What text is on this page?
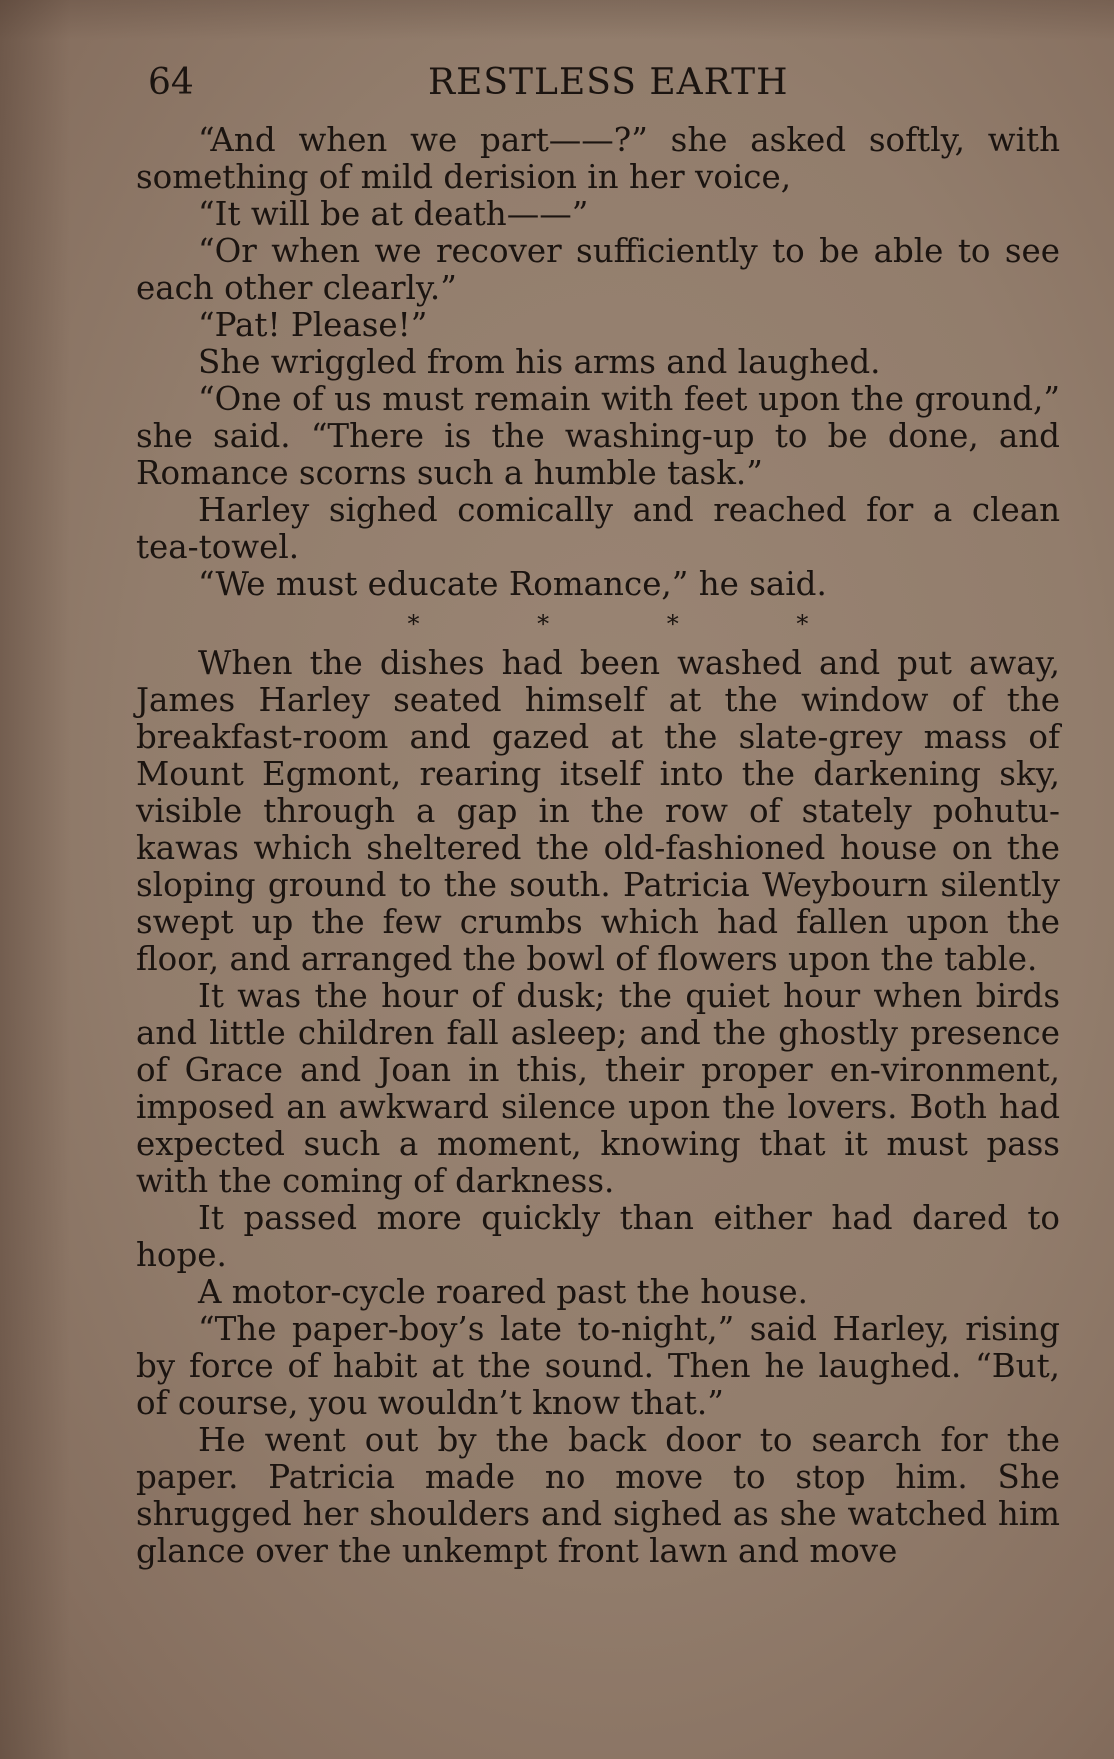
64	RESTLESS EARTH

“And when we part——?” she asked softly, with something of mild derision in her voice,

“It will be at death——”

“Or when we recover sufficiently to be able to see each other clearly.”

“Pat! Please!”

She wriggled from his arms and laughed.

“One of us must remain with feet upon the ground,” she said. “There is the washing-up to be done, and Romance scorns such a humble task.”

Harley sighed comically and reached for a clean tea-towel.

“We must educate Romance,” he said.

* * * *

When the dishes had been washed and put away, James Harley seated himself at the window of the breakfast-room and gazed at the slate-grey mass of Mount Egmont, rearing itself into the darkening sky, visible through a gap in the row of stately pohutu-kawas which sheltered the old-fashioned house on the sloping ground to the south. Patricia Weybourn silently swept up the few crumbs which had fallen upon the floor, and arranged the bowl of flowers upon the table.

It was the hour of dusk; the quiet hour when birds and little children fall asleep; and the ghostly presence of Grace and Joan in this, their proper en-vironment, imposed an awkward silence upon the lovers. Both had expected such a moment, knowing that it must pass with the coming of darkness.

It passed more quickly than either had dared to hope.

A motor-cycle roared past the house.

“The paper-boy’s late to-night,” said Harley, rising by force of habit at the sound. Then he laughed. “But, of course, you wouldn’t know that.”

He went out by the back door to search for the paper. Patricia made no move to stop him. She shrugged her shoulders and sighed as she watched him glance over the unkempt front lawn and move
